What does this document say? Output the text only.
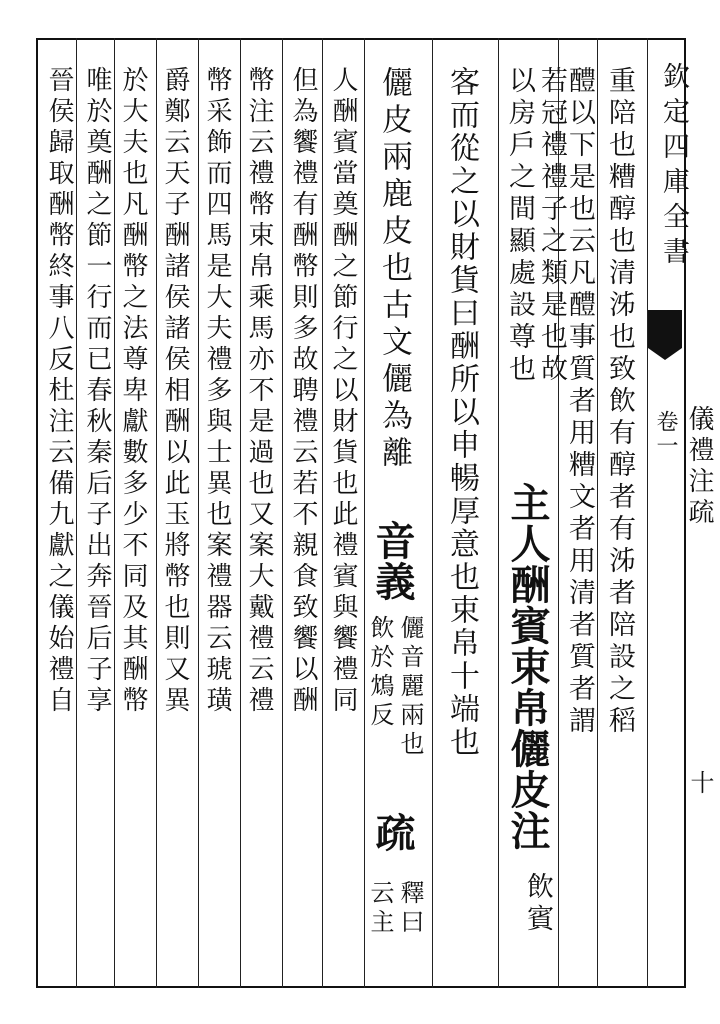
欽定四庫全書
卷一 儀禮注疏
十
重陪也糟醇也清泲也致飲有醇者有泲者陪設之稻
醴以下是也云凡醴事質者用糟文者用清者質者謂
若冠禮禮子之類是也故
以房戶之間顯處設尊也
主人酬賓束帛儷皮注
飲賓
客而從之以財貨曰酬所以申暢厚意也束帛十端也
儷皮兩鹿皮也古文儷為離
音義
儷音麗兩也
飲於鴆反
疏
釋曰
云主
人酬賓當奠酬之節行之以財貨也此禮賓與饗禮同
但為饗禮有酬幣則多故聘禮云若不親食致饗以酬
幣注云禮幣束帛乘馬亦不是過也又案大戴禮云禮
幣采飾而四馬是大夫禮多與士異也案禮器云琥璜
爵鄭云天子酬諸侯諸侯相酬以此玉將幣也則又異
於大夫也凡酬幣之法尊卑獻數多少不同及其酬幣
唯於奠酬之節一行而已春秋秦后子出奔晉后子享
晉侯歸取酬幣終事八反杜注云備九獻之儀始禮自
